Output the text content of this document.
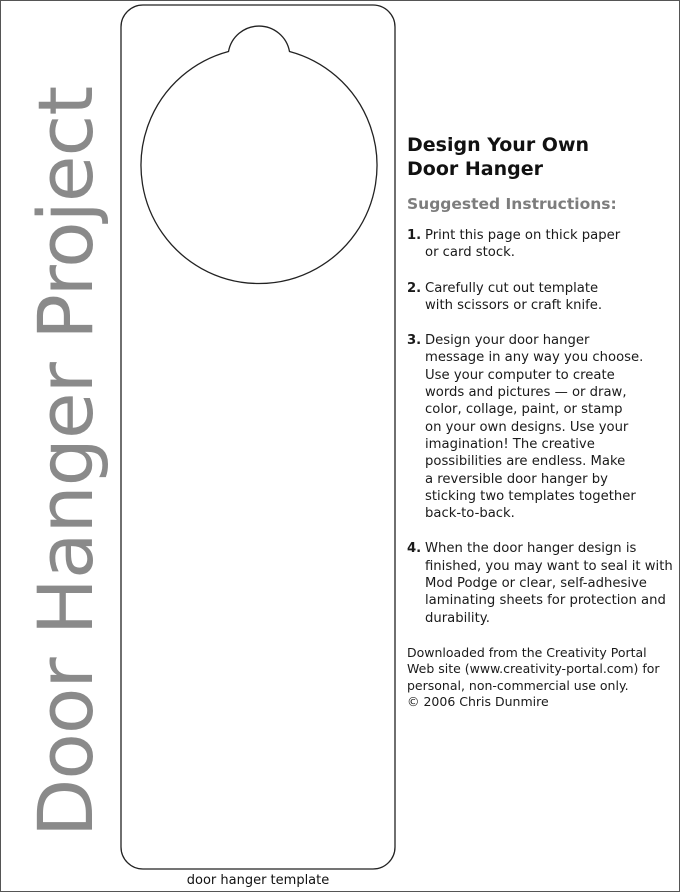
Door Hanger Project
door hanger template
Design Your Own
Door Hanger
Suggested Instructions:
1. Print this page on thick paper
or card stock.
2. Carefully cut out template
with scissors or craft knife.
3. Design your door hanger
message in any way you choose.
Use your computer to create
words and pictures — or draw,
color, collage, paint, or stamp
on your own designs. Use your
imagination! The creative
possibilities are endless. Make
a reversible door hanger by
sticking two templates together
back-to-back.
4. When the door hanger design is
finished, you may want to seal it with
Mod Podge or clear, self-adhesive
laminating sheets for protection and
durability.
Downloaded from the Creativity Portal
Web site (www.creativity-portal.com) for
personal, non-commercial use only.
© 2006 Chris Dunmire
